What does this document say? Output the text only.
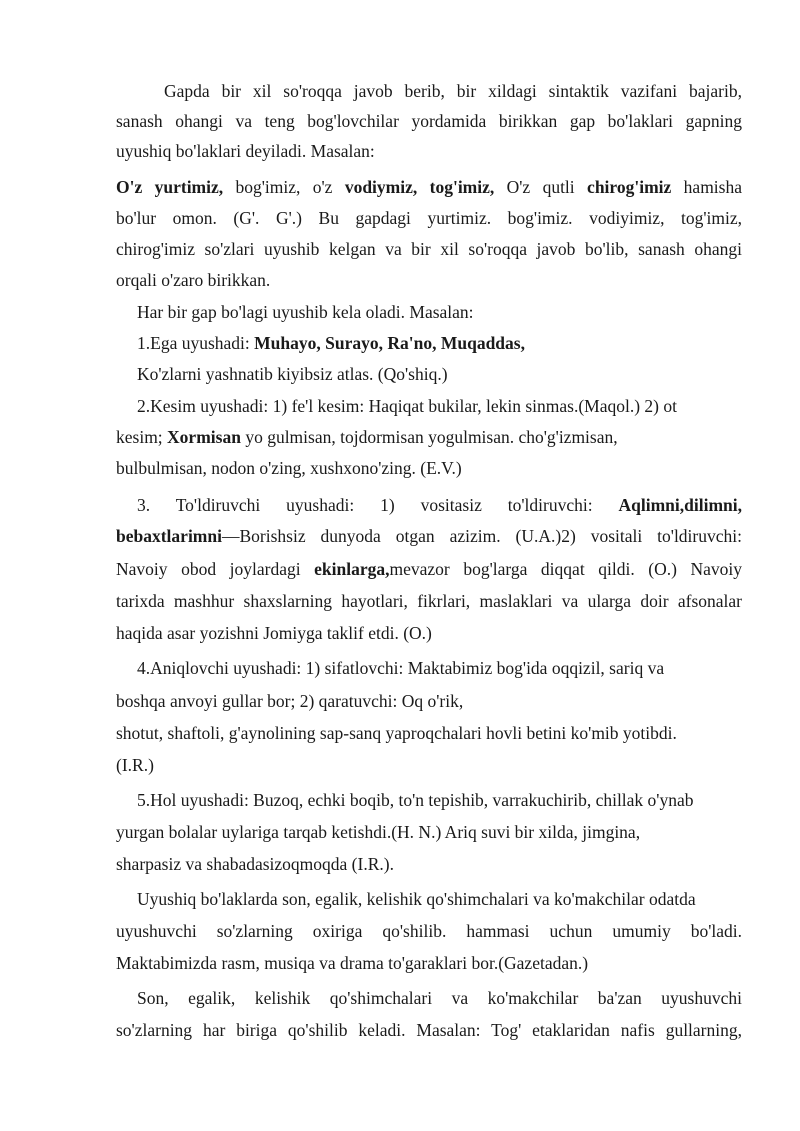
Gapda bir xil so'roqqa javob berib, bir xildagi sintaktik vazifani bajarib,
sanash ohangi va teng bog'lovchilar yordamida birikkan gap bo'laklari gapning
uyushiq bo'laklari deyiladi. Masalan:
O'z yurtimiz, bog'imiz, o'z vodiymiz, tog'imiz, O'z qutli chirog'imiz hamisha
bo'lur omon. (G'. G'.) Bu gapdagi yurtimiz. bog'imiz. vodiyimiz, tog'imiz,
chirog'imiz so'zlari uyushib kelgan va bir xil so'roqqa javob bo'lib, sanash ohangi
orqali o'zaro birikkan.
Har bir gap bo'lagi uyushib kela oladi. Masalan:
1.Ega uyushadi: Muhayo, Surayo, Ra'no, Muqaddas,
Ko'zlarni yashnatib kiyibsiz atlas. (Qo'shiq.)
2.Kesim uyushadi: 1) fe'l kesim: Haqiqat bukilar, lekin sinmas.(Maqol.) 2) ot
kesim; Xormisan yo gulmisan, tojdormisan yogulmisan. cho'g'izmisan,
bulbulmisan, nodon o'zing, xushxono'zing. (E.V.)
3. To'ldiruvchi uyushadi: 1) vositasiz to'ldiruvchi: Aqlimni,dilimni,
bebaxtlarimni—Borishsiz dunyoda otgan azizim. (U.A.)2) vositali to'ldiruvchi:
Navoiy obod joylardagi ekinlarga,mevazor bog'larga diqqat qildi. (O.) Navoiy
tarixda mashhur shaxslarning hayotlari, fikrlari, maslaklari va ularga doir afsonalar
haqida asar yozishni Jomiyga taklif etdi. (O.)
4.Aniqlovchi uyushadi: 1) sifatlovchi: Maktabimiz bog'ida oqqizil, sariq va
boshqa anvoyi gullar bor; 2) qaratuvchi: Oq o'rik,
shotut, shaftoli, g'aynolining sap-sanq yaproqchalari hovli betini ko'mib yotibdi.
(I.R.)
5.Hol uyushadi: Buzoq, echki boqib, to'n tepishib, varrakuchirib, chillak o'ynab
yurgan bolalar uylariga tarqab ketishdi.(H. N.) Ariq suvi bir xilda, jimgina,
sharpasiz va shabadasizoqmoqda (I.R.).
Uyushiq bo'laklarda son, egalik, kelishik qo'shimchalari va ko'makchilar odatda
uyushuvchi so'zlarning oxiriga qo'shilib. hammasi uchun umumiy bo'ladi.
Maktabimizda rasm, musiqa va drama to'garaklari bor.(Gazetadan.)
Son, egalik, kelishik qo'shimchalari va ko'makchilar ba'zan uyushuvchi
so'zlarning har biriga qo'shilib keladi. Masalan: Tog' etaklaridan nafis gullarning,
